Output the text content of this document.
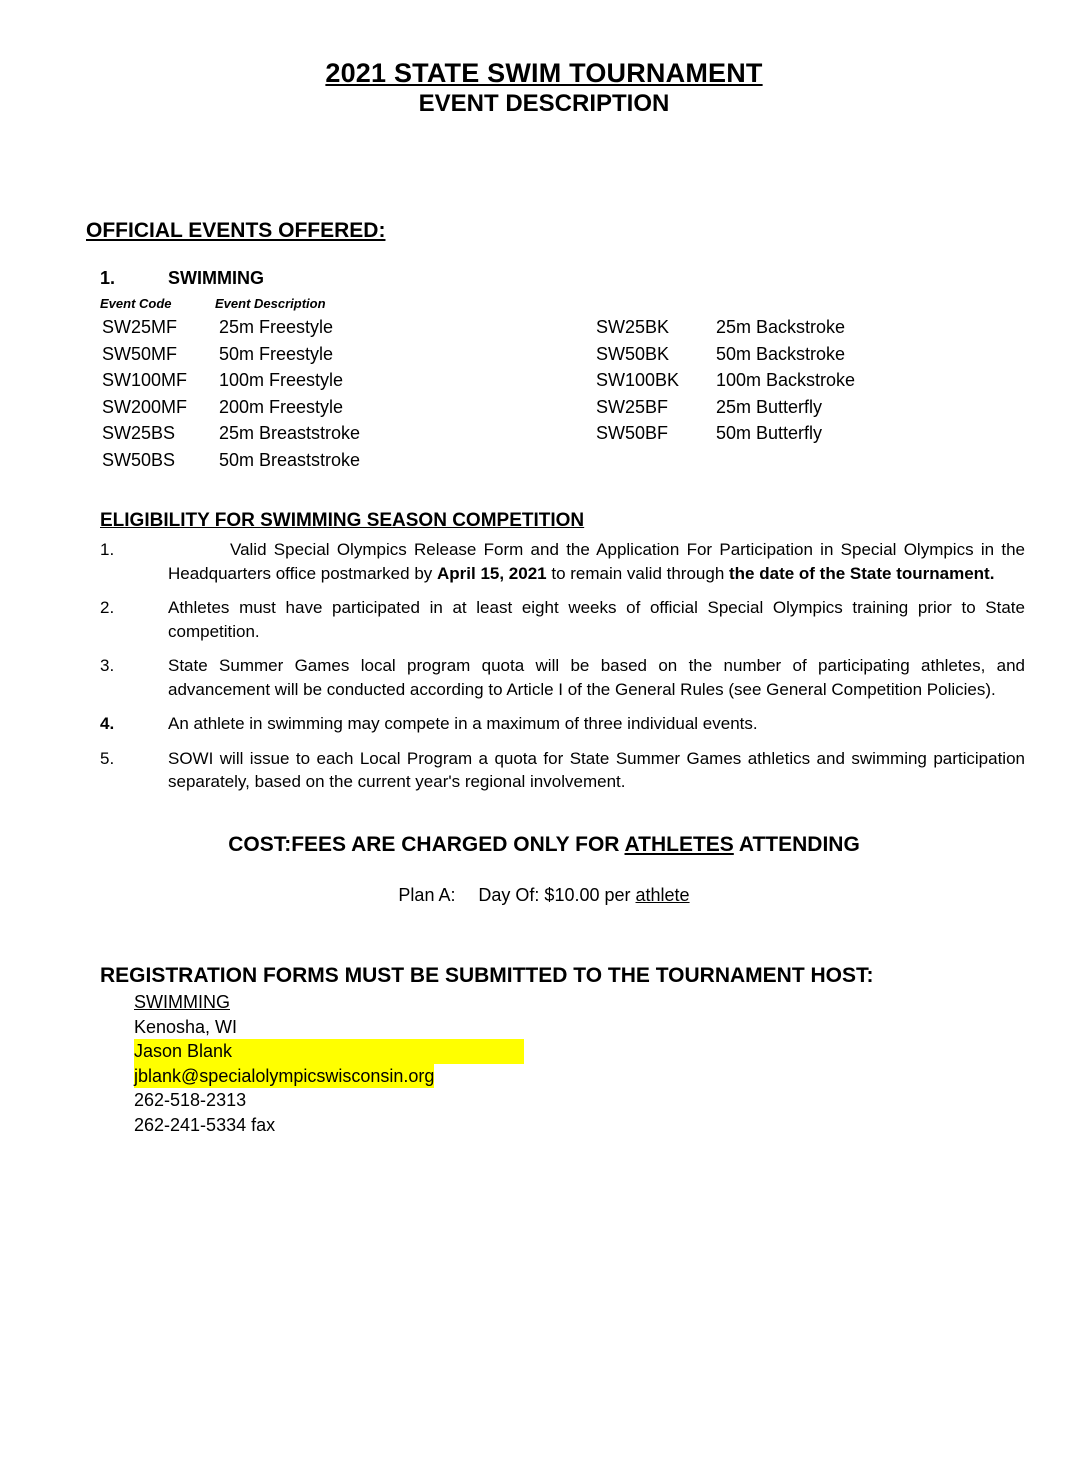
2021 STATE SWIM TOURNAMENT
EVENT DESCRIPTION
OFFICIAL EVENTS OFFERED:
1.	SWIMMING
Event Code	Event Description
SW25MF	25m Freestyle	SW25BK	25m Backstroke
SW50MF	50m Freestyle	SW50BK	50m Backstroke
SW100MF	100m Freestyle	SW100BK	100m Backstroke
SW200MF	200m Freestyle	SW25BF	25m Butterfly
SW25BS	25m Breaststroke	SW50BF	50m Butterfly
SW50BS	50m Breaststroke		
ELIGIBILITY FOR SWIMMING SEASON COMPETITION
1.	Valid Special Olympics Release Form and the Application For Participation in Special Olympics in the Headquarters office postmarked by April 15, 2021 to remain valid through the date of the State tournament.
2.	Athletes must have participated in at least eight weeks of official Special Olympics training prior to State competition.
3.	State Summer Games local program quota will be based on the number of participating athletes, and advancement will be conducted according to Article I of the General Rules (see General Competition Policies).
4.	An athlete in swimming may compete in a maximum of three individual events.
5.	SOWI will issue to each Local Program a quota for State Summer Games athletics and swimming participation separately, based on the current year's regional involvement.
COST:FEES ARE CHARGED ONLY FOR ATHLETES ATTENDING
Plan A: Day Of: $10.00 per athlete
REGISTRATION FORMS MUST BE SUBMITTED TO THE TOURNAMENT HOST:
SWIMMING
Kenosha, WI
Jason Blank
jblank@specialolympicswisconsin.org
262-518-2313
262-241-5334 fax
